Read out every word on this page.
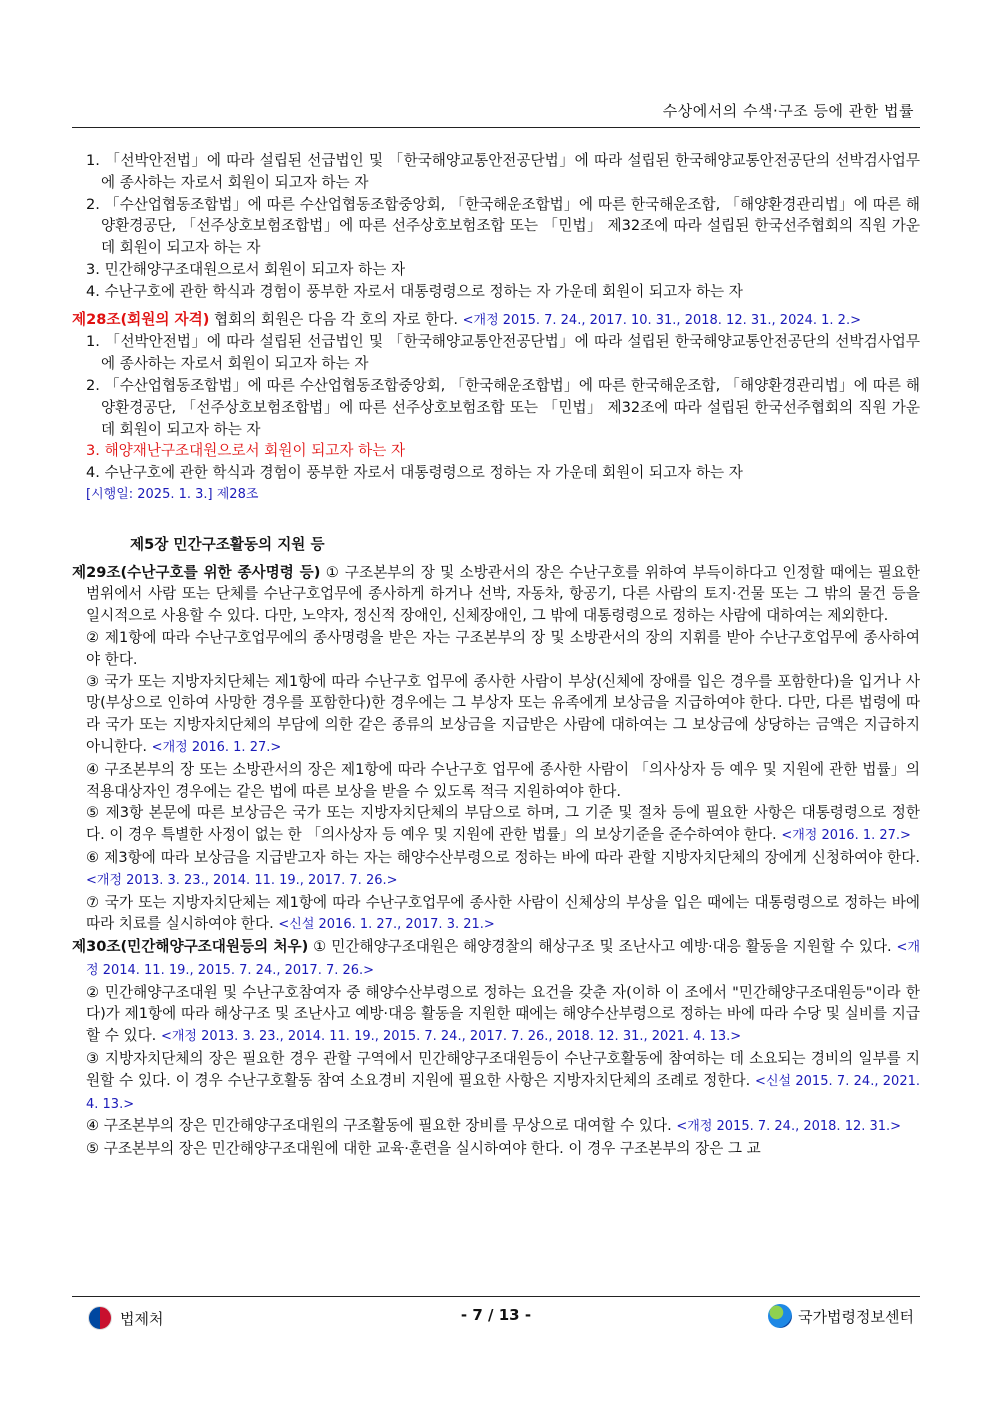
수상에서의 수색·구조 등에 관한 법률

1. 「선박안전법」에 따라 설립된 선급법인 및 「한국해양교통안전공단법」에 따라 설립된 한국해양교통안전공단의 선박검사업무에 종사하는 자로서 회원이 되고자 하는 자

2. 「수산업협동조합법」에 따른 수산업협동조합중앙회, 「한국해운조합법」에 따른 한국해운조합, 「해양환경관리법」에 따른 해양환경공단, 「선주상호보험조합법」에 따른 선주상호보험조합 또는 「민법」 제32조에 따라 설립된 한국선주협회의 직원 가운데 회원이 되고자 하는 자

3. 민간해양구조대원으로서 회원이 되고자 하는 자

4. 수난구호에 관한 학식과 경험이 풍부한 자로서 대통령령으로 정하는 자 가운데 회원이 되고자 하는 자

제28조(회원의 자격) 협회의 회원은 다음 각 호의 자로 한다. <개정 2015. 7. 24., 2017. 10. 31., 2018. 12. 31., 2024. 1. 2.>

1. 「선박안전법」에 따라 설립된 선급법인 및 「한국해양교통안전공단법」에 따라 설립된 한국해양교통안전공단의 선박검사업무에 종사하는 자로서 회원이 되고자 하는 자

2. 「수산업협동조합법」에 따른 수산업협동조합중앙회, 「한국해운조합법」에 따른 한국해운조합, 「해양환경관리법」에 따른 해양환경공단, 「선주상호보험조합법」에 따른 선주상호보험조합 또는 「민법」 제32조에 따라 설립된 한국선주협회의 직원 가운데 회원이 되고자 하는 자

3. 해양재난구조대원으로서 회원이 되고자 하는 자

4. 수난구호에 관한 학식과 경험이 풍부한 자로서 대통령령으로 정하는 자 가운데 회원이 되고자 하는 자

[시행일: 2025. 1. 3.] 제28조

제5장 민간구조활동의 지원 등

제29조(수난구호를 위한 종사명령 등) ① 구조본부의 장 및 소방관서의 장은 수난구호를 위하여 부득이하다고 인정할 때에는 필요한 범위에서 사람 또는 단체를 수난구호업무에 종사하게 하거나 선박, 자동차, 항공기, 다른 사람의 토지·건물 또는 그 밖의 물건 등을 일시적으로 사용할 수 있다. 다만, 노약자, 정신적 장애인, 신체장애인, 그 밖에 대통령령으로 정하는 사람에 대하여는 제외한다.

② 제1항에 따라 수난구호업무에의 종사명령을 받은 자는 구조본부의 장 및 소방관서의 장의 지휘를 받아 수난구호업무에 종사하여야 한다.

③ 국가 또는 지방자치단체는 제1항에 따라 수난구호 업무에 종사한 사람이 부상(신체에 장애를 입은 경우를 포함한다)을 입거나 사망(부상으로 인하여 사망한 경우를 포함한다)한 경우에는 그 부상자 또는 유족에게 보상금을 지급하여야 한다. 다만, 다른 법령에 따라 국가 또는 지방자치단체의 부담에 의한 같은 종류의 보상금을 지급받은 사람에 대하여는 그 보상금에 상당하는 금액은 지급하지 아니한다. <개정 2016. 1. 27.>

④ 구조본부의 장 또는 소방관서의 장은 제1항에 따라 수난구호 업무에 종사한 사람이 「의사상자 등 예우 및 지원에 관한 법률」의 적용대상자인 경우에는 같은 법에 따른 보상을 받을 수 있도록 적극 지원하여야 한다.

⑤ 제3항 본문에 따른 보상금은 국가 또는 지방자치단체의 부담으로 하며, 그 기준 및 절차 등에 필요한 사항은 대통령령으로 정한다. 이 경우 특별한 사정이 없는 한 「의사상자 등 예우 및 지원에 관한 법률」의 보상기준을 준수하여야 한다. <개정 2016. 1. 27.>

⑥ 제3항에 따라 보상금을 지급받고자 하는 자는 해양수산부령으로 정하는 바에 따라 관할 지방자치단체의 장에게 신청하여야 한다. <개정 2013. 3. 23., 2014. 11. 19., 2017. 7. 26.>

⑦ 국가 또는 지방자치단체는 제1항에 따라 수난구호업무에 종사한 사람이 신체상의 부상을 입은 때에는 대통령령으로 정하는 바에 따라 치료를 실시하여야 한다. <신설 2016. 1. 27., 2017. 3. 21.>

제30조(민간해양구조대원등의 처우) ① 민간해양구조대원은 해양경찰의 해상구조 및 조난사고 예방·대응 활동을 지원할 수 있다. <개정 2014. 11. 19., 2015. 7. 24., 2017. 7. 26.>

② 민간해양구조대원 및 수난구호참여자 중 해양수산부령으로 정하는 요건을 갖춘 자(이하 이 조에서 "민간해양구조대원등"이라 한다)가 제1항에 따라 해상구조 및 조난사고 예방·대응 활동을 지원한 때에는 해양수산부령으로 정하는 바에 따라 수당 및 실비를 지급할 수 있다. <개정 2013. 3. 23., 2014. 11. 19., 2015. 7. 24., 2017. 7. 26., 2018. 12. 31., 2021. 4. 13.>

③ 지방자치단체의 장은 필요한 경우 관할 구역에서 민간해양구조대원등이 수난구호활동에 참여하는 데 소요되는 경비의 일부를 지원할 수 있다. 이 경우 수난구호활동 참여 소요경비 지원에 필요한 사항은 지방자치단체의 조례로 정한다. <신설 2015. 7. 24., 2021. 4. 13.>

④ 구조본부의 장은 민간해양구조대원의 구조활동에 필요한 장비를 무상으로 대여할 수 있다. <개정 2015. 7. 24., 2018. 12. 31.>

⑤ 구조본부의 장은 민간해양구조대원에 대한 교육·훈련을 실시하여야 한다. 이 경우 구조본부의 장은 그 교

법제처	- 7 / 13 -	국가법령정보센터
